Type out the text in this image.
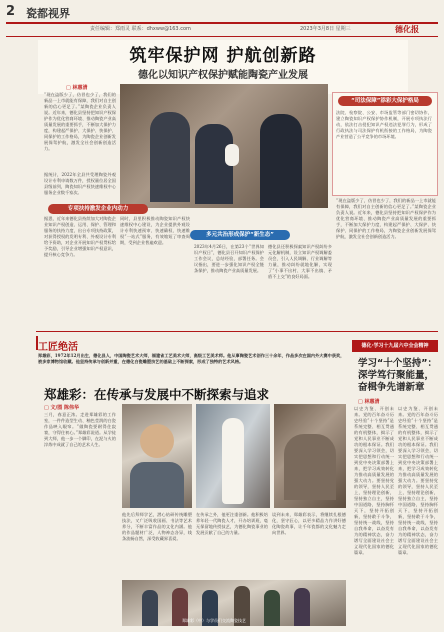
2 瓷都视界
责任编辑：郑雨灵 联系：dhxww@163.com	2023年3月8日 星期三	德化报
筑牢保护网 护航创新路
德化以知识产权保护赋能陶瓷产业发展
□ 林惠清
“现在盗版少了，仿冒也少了，我们的新品一上市就能有保障，我们对自主创新的信心更足了。”某陶瓷企业负责人说。近年来，德化县坚持把知识产权保护作为优化营商环境、推动陶瓷产业高质量发展的重要抓手，不断加大保护力度，构建起严保护、大保护、快保护、同保护的工作格局，为陶瓷企业创新发展保驾护航，激发全社会创新创造活力。
据统计，2022年全县共受理陶瓷外观设计专利申请数万件，授权量位居全国县级前列，陶瓷知识产权快速维权中心服务企业数千家次。
“司法保障”添彩大保护格局
法院、检察院、公安、市场监管等部门密切协作，建立陶瓷知识产权保护协作机制，开展专项执法行动，依法打击侵犯知识产权违法犯罪行为，形成了行政执法与司法保护有机衔接的工作格局，为陶瓷产业营造了公平竞争的市场环境。
专项扶持激发企业内动力
多元共治形成保护“新生态”
据悉，近年来德化县持续加大对陶瓷企业知识产权创造、运用、保护、管理和服务的扶持力度，出台专项扶持政策，对获得授权的发明专利、外观设计专利给予资助，对企业开展知识产权贯标给予奖励，引导企业增强知识产权意识，提升核心竞争力。
同时，县里积极推动陶瓷知识产权快速维权中心建设，为企业提供外观设计专利快速预审、快速确权、快速维权“一站式”服务，有效缩短了审查周期，受到企业普遍欢迎。
2023年4月26日，在第23个“世界知识产权日”，德化县召开知识产权保护工作会议，总结经验，部署任务。会议指出，要进一步强化知识产权全链条保护，推动陶瓷产业高质量发展。
德化县还积极探索知识产权纠纷多元化解机制，设立知识产权调解委员会，引入人民调解、行业调解等力量，推动纠纷就地化解，实现了“小事不出村、大事不出镇、矛盾不上交”的良好局面。
“现在盗版少了，仿冒也少了，我们的新品一上市就能有保障，我们对自主创新的信心更足了。”某陶瓷企业负责人说。近年来，德化县坚持把知识产权保护作为优化营商环境、推动陶瓷产业高质量发展的重要抓手，不断加大保护力度，构建起严保护、大保护、快保护、同保护的工作格局，为陶瓷企业创新发展保驾护航，激发全社会创新创造活力。
工匠绝活
郑雄彩，1972年12月出生，德化县人，中国陶瓷艺术大师，福建省工艺美术大师，高级工艺美术师。他从事陶瓷艺术创作三十余年，作品多次在国内外大赛中获奖，被多家博物馆收藏。他坚持传承与创新并重，在德化白瓷雕塑技艺的基础上不断探索，形成了独特的艺术风格。
郑雄彩：在传承与发展中不断探索与追求
□ 文/图 陈伟华
三月，春意正浓。走进郑雄彩的工作室，一件件造型生动、釉色莹润的白瓷作品映入眼帘。“做陶瓷要耐得住寂寞，守得住初心。”郑雄彩说道。从学徒到大师，他一步一个脚印，在泥与火的淬炼中成就了自己的艺术人生。
他先后拜师学艺，潜心钻研传统雕塑技法，又广泛吸收国画、书法等艺术养分，不断丰富作品的文化内涵。他的作品题材广泛，人物神态各异，线条流畅自然，深受收藏界喜爱。
在传承之外，他更注重创新。他积极培养年轻一代陶瓷人才，开办培训班，毫无保留地传授技艺，为德化陶瓷事业的发展贡献了自己的力量。
谈到未来，郑雄彩表示，将继续扎根德化，坚守匠心，以更多精品力作讲好德化陶瓷故事，让千年瓷都的文化魅力走向世界。
郑雄彩（中）与学员们交流陶瓷技艺
德化·学习十九届六中全会精神
学习“十个坚持”：深学笃行聚能量，奋楫争先谱新章
□ 林惠清
以史为鉴、开创未来。党的百年奋斗历史经验“十个坚持”是系统完整、相互贯通的有机整体，揭示了党和人民事业不断成功的根本保证。我们要深入学习领会，切实把思想和行动统一到党中央决策部署上来，把学习成效转化为推动高质量发展的强大动力。要坚持党的领导，坚持人民至上，坚持理论创新，坚持独立自主，坚持中国道路，坚持胸怀天下，坚持开拓创新，坚持敢于斗争，坚持统一战线，坚持自我革命，以奋发有为的精神状态，奋力谱写全面建设社会主义现代化国家的德化篇章。
以史为鉴、开创未来。党的百年奋斗历史经验“十个坚持”是系统完整、相互贯通的有机整体，揭示了党和人民事业不断成功的根本保证。我们要深入学习领会，切实把思想和行动统一到党中央决策部署上来，把学习成效转化为推动高质量发展的强大动力。要坚持党的领导，坚持人民至上，坚持理论创新，坚持独立自主，坚持中国道路，坚持胸怀天下，坚持开拓创新，坚持敢于斗争，坚持统一战线，坚持自我革命，以奋发有为的精神状态，奋力谱写全面建设社会主义现代化国家的德化篇章。
